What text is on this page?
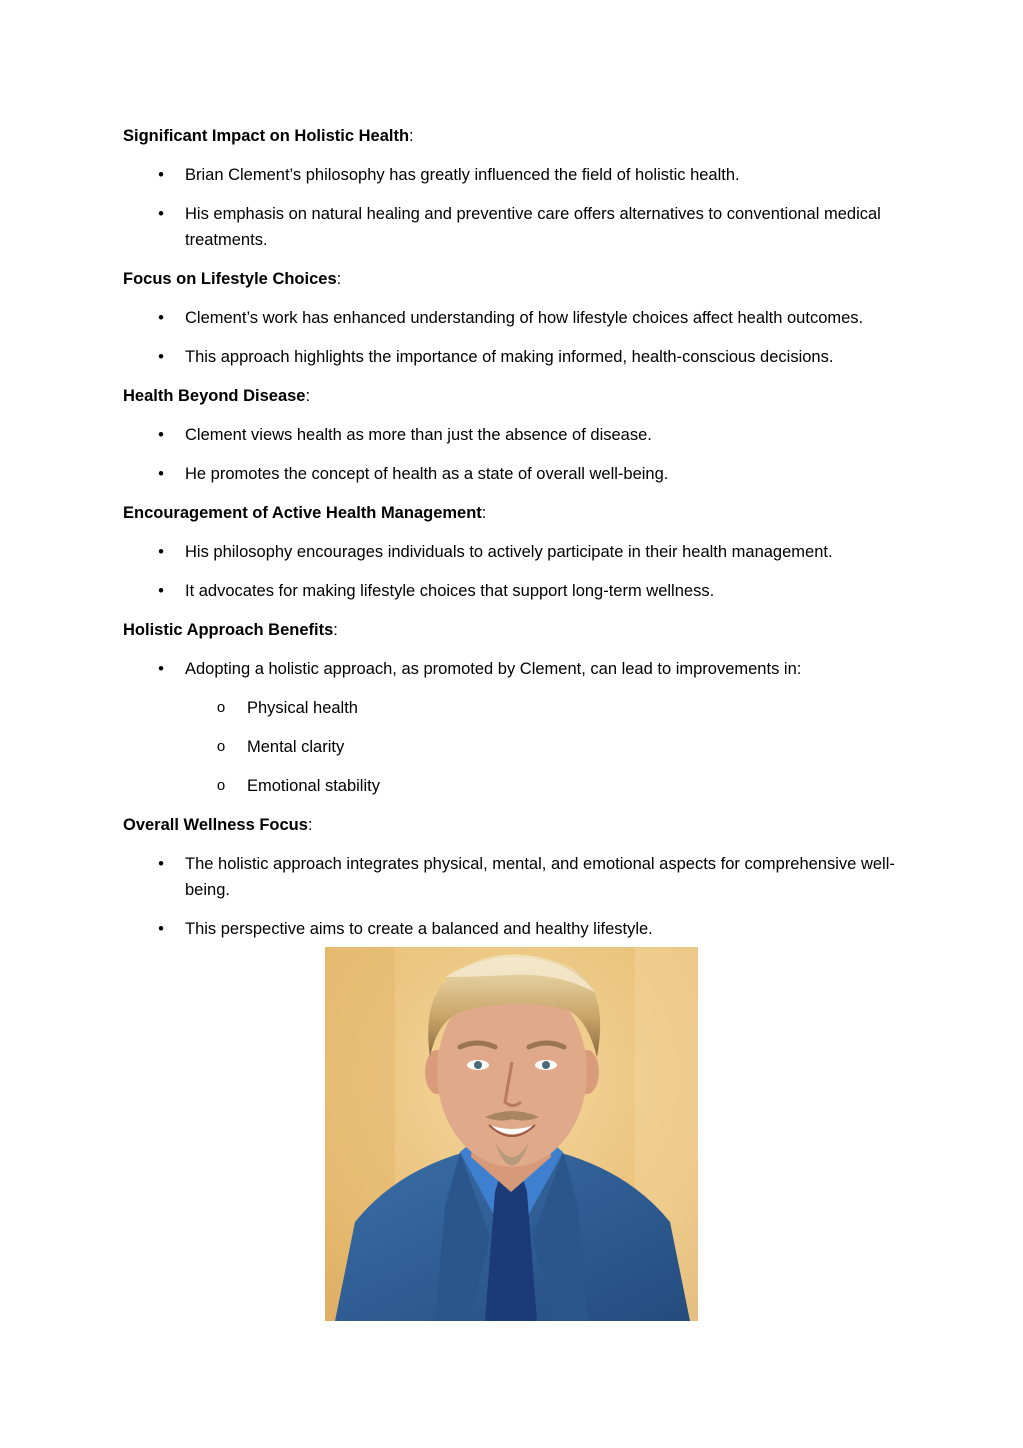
Significant Impact on Holistic Health:
• Brian Clement’s philosophy has greatly influenced the field of holistic health.
• His emphasis on natural healing and preventive care offers alternatives to conventional medical treatments.
Focus on Lifestyle Choices:
• Clement’s work has enhanced understanding of how lifestyle choices affect health outcomes.
• This approach highlights the importance of making informed, health-conscious decisions.
Health Beyond Disease:
• Clement views health as more than just the absence of disease.
• He promotes the concept of health as a state of overall well-being.
Encouragement of Active Health Management:
• His philosophy encourages individuals to actively participate in their health management.
• It advocates for making lifestyle choices that support long-term wellness.
Holistic Approach Benefits:
• Adopting a holistic approach, as promoted by Clement, can lead to improvements in:
o Physical health
o Mental clarity
o Emotional stability
Overall Wellness Focus:
• The holistic approach integrates physical, mental, and emotional aspects for comprehensive well-being.
• This perspective aims to create a balanced and healthy lifestyle.
